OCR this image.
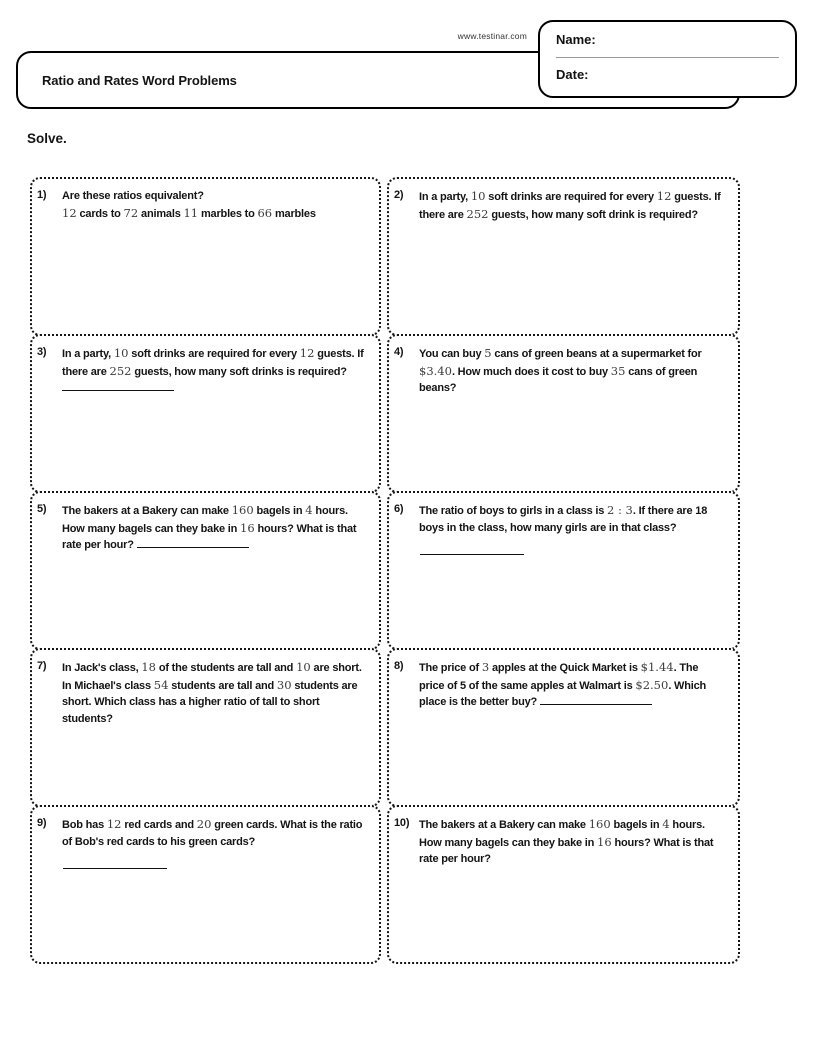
www.testinar.com
Ratio and Rates Word Problems
Name:
Date:
Solve.
1)	Are these ratios equivalent?
12 cards to 72 animals 11 marbles to 66 marbles
2)	In a party, 10 soft drinks are required for every 12 guests. If there are 252 guests, how many soft drink is required?
3)	In a party, 10 soft drinks are required for every 12 guests. If there are 252 guests, how many soft drinks is required?
4)	You can buy 5 cans of green beans at a supermarket for $3.40. How much does it cost to buy 35 cans of green beans?
5)	The bakers at a Bakery can make 160 bagels in 4 hours. How many bagels can they bake in 16 hours? What is that rate per hour?
6)	The ratio of boys to girls in a class is 2 : 3. If there are 18 boys in the class, how many girls are in that class?
7)	In Jack's class, 18 of the students are tall and 10 are short. In Michael's class 54 students are tall and 30 students are short. Which class has a higher ratio of tall to short students?
8)	The price of 3 apples at the Quick Market is $1.44. The price of 5 of the same apples at Walmart is $2.50. Which place is the better buy?
9)	Bob has 12 red cards and 20 green cards. What is the ratio of Bob's red cards to his green cards?
10) The bakers at a Bakery can make 160 bagels in 4 hours. How many bagels can they bake in 16 hours? What is that rate per hour?
